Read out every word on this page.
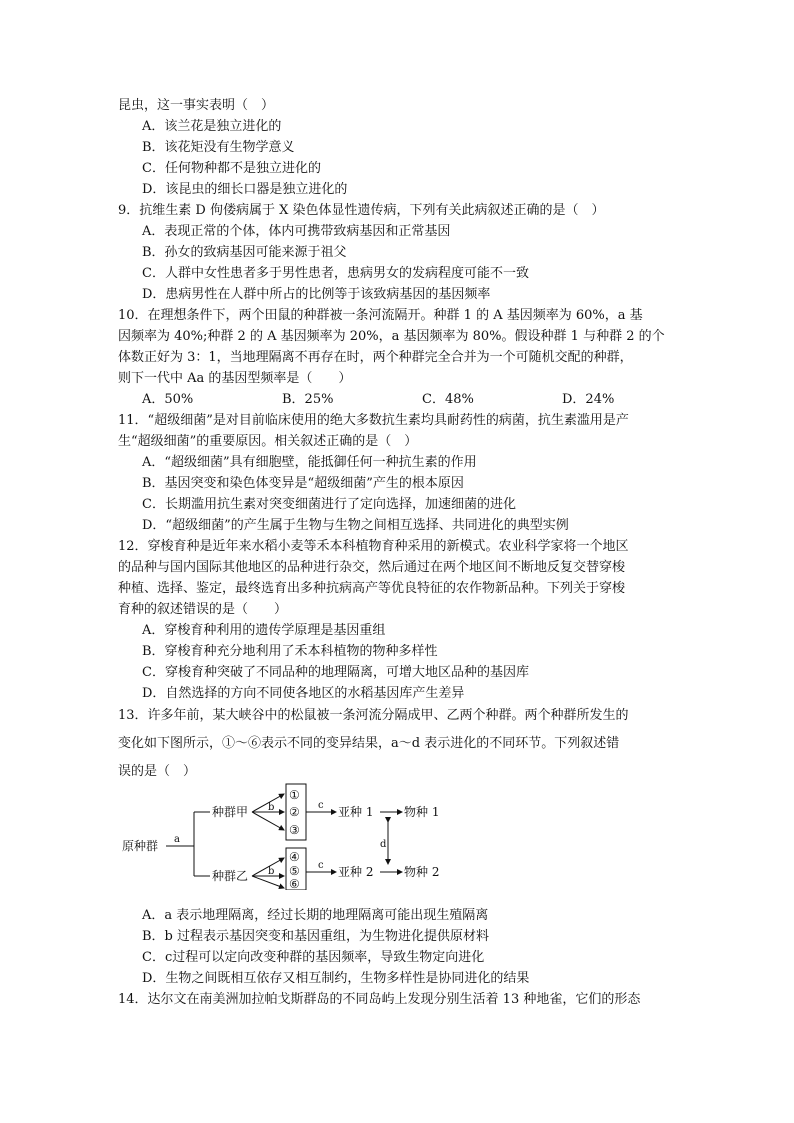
昆虫，这一事实表明（　）
A．该兰花是独立进化的
B．该花矩没有生物学意义
C．任何物种都不是独立进化的
D．该昆虫的细长口器是独立进化的
9．抗维生素 D 佝偻病属于 X 染色体显性遗传病，下列有关此病叙述正确的是（　）
A．表现正常的个体，体内可携带致病基因和正常基因
B．孙女的致病基因可能来源于祖父
C．人群中女性患者多于男性患者，患病男女的发病程度可能不一致
D．患病男性在人群中所占的比例等于该致病基因的基因频率
10．在理想条件下，两个田鼠的种群被一条河流隔开。种群 1 的 A 基因频率为 60%，a 基
因频率为 40%;种群 2 的 A 基因频率为 20%，a 基因频率为 80%。假设种群 1 与种群 2 的个
体数正好为 3：1，当地理隔离不再存在时，两个种群完全合并为一个可随机交配的种群，
则下一代中 Aa 的基因型频率是（　　）
A．50%	B．25%	C．48%	D．24%
11．“超级细菌”是对目前临床使用的绝大多数抗生素均具耐药性的病菌，抗生素滥用是产
生“超级细菌”的重要原因。相关叙述正确的是（　）
A．“超级细菌”具有细胞壁，能抵御任何一种抗生素的作用
B．基因突变和染色体变异是“超级细菌”产生的根本原因
C．长期滥用抗生素对突变细菌进行了定向选择，加速细菌的进化
D．“超级细菌”的产生属于生物与生物之间相互选择、共同进化的典型实例
12．穿梭育种是近年来水稻小麦等禾本科植物育种采用的新模式。农业科学家将一个地区
的品种与国内国际其他地区的品种进行杂交，然后通过在两个地区间不断地反复交替穿梭
种植、选择、鉴定，最终选育出多种抗病高产等优良特征的农作物新品种。下列关于穿梭
育种的叙述错误的是（　　）
A．穿梭育种利用的遗传学原理是基因重组
B．穿梭育种充分地利用了禾本科植物的物种多样性
C．穿梭育种突破了不同品种的地理隔离，可增大地区品种的基因库
D．自然选择的方向不同使各地区的水稻基因库产生差异
13．许多年前，某大峡谷中的松鼠被一条河流分隔成甲、乙两个种群。两个种群所发生的
变化如下图所示，①～⑥表示不同的变异结果，a～d 表示进化的不同环节。下列叙述错
误的是（　）
原种群 a
种群甲 b
①
②
③
c 亚种 1	物种 1
d
种群乙 b
④
⑤
⑥
c 亚种 2	物种 2
A．a 表示地理隔离，经过长期的地理隔离可能出现生殖隔离
B．b 过程表示基因突变和基因重组，为生物进化提供原材料
C．c过程可以定向改变种群的基因频率，导致生物定向进化
D．生物之间既相互依存又相互制约，生物多样性是协同进化的结果
14．达尔文在南美洲加拉帕戈斯群岛的不同岛屿上发现分别生活着 13 种地雀，它们的形态
